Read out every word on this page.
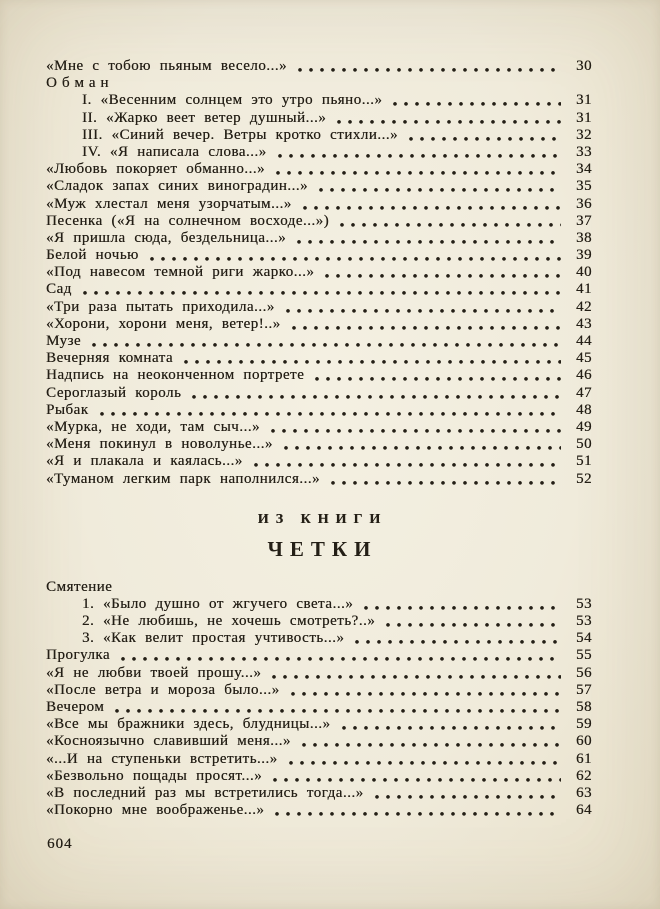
«Мне с тобою пьяным весело...»	30
Обман
I. «Весенним солнцем это утро пьяно...»	31
II. «Жарко веет ветер душный...»	31
III. «Синий вечер. Ветры кротко стихли...»	32
IV. «Я написала слова...»	33
«Любовь покоряет обманно...»	34
«Сладок запах синих виноградин...»	35
«Муж хлестал меня узорчатым...»	36
Песенка («Я на солнечном восходе...»)	37
«Я пришла сюда, бездельница...»	38
Белой ночью	39
«Под навесом темной риги жарко...»	40
Сад	41
«Три раза пытать приходила...»	42
«Хорони, хорони меня, ветер!..»	43
Музе	44
Вечерняя комната	45
Надпись на неоконченном портрете	46
Сероглазый король	47
Рыбак	48
«Мурка, не ходи, там сыч...»	49
«Меня покинул в новолунье...»	50
«Я и плакала и каялась...»	51
«Туманом легким парк наполнился...»	52
ИЗ КНИГИ
ЧЕТКИ
Смятение
1. «Было душно от жгучего света...»	53
2. «Не любишь, не хочешь смотреть?..»	53
3. «Как велит простая учтивость...»	54
Прогулка	55
«Я не любви твоей прошу...»	56
«После ветра и мороза было...»	57
Вечером	58
«Все мы бражники здесь, блудницы...»	59
«Косноязычно славивший меня...»	60
«...И на ступеньки встретить...»	61
«Безвольно пощады просят...»	62
«В последний раз мы встретились тогда...»	63
«Покорно мне воображенье...»	64
604
